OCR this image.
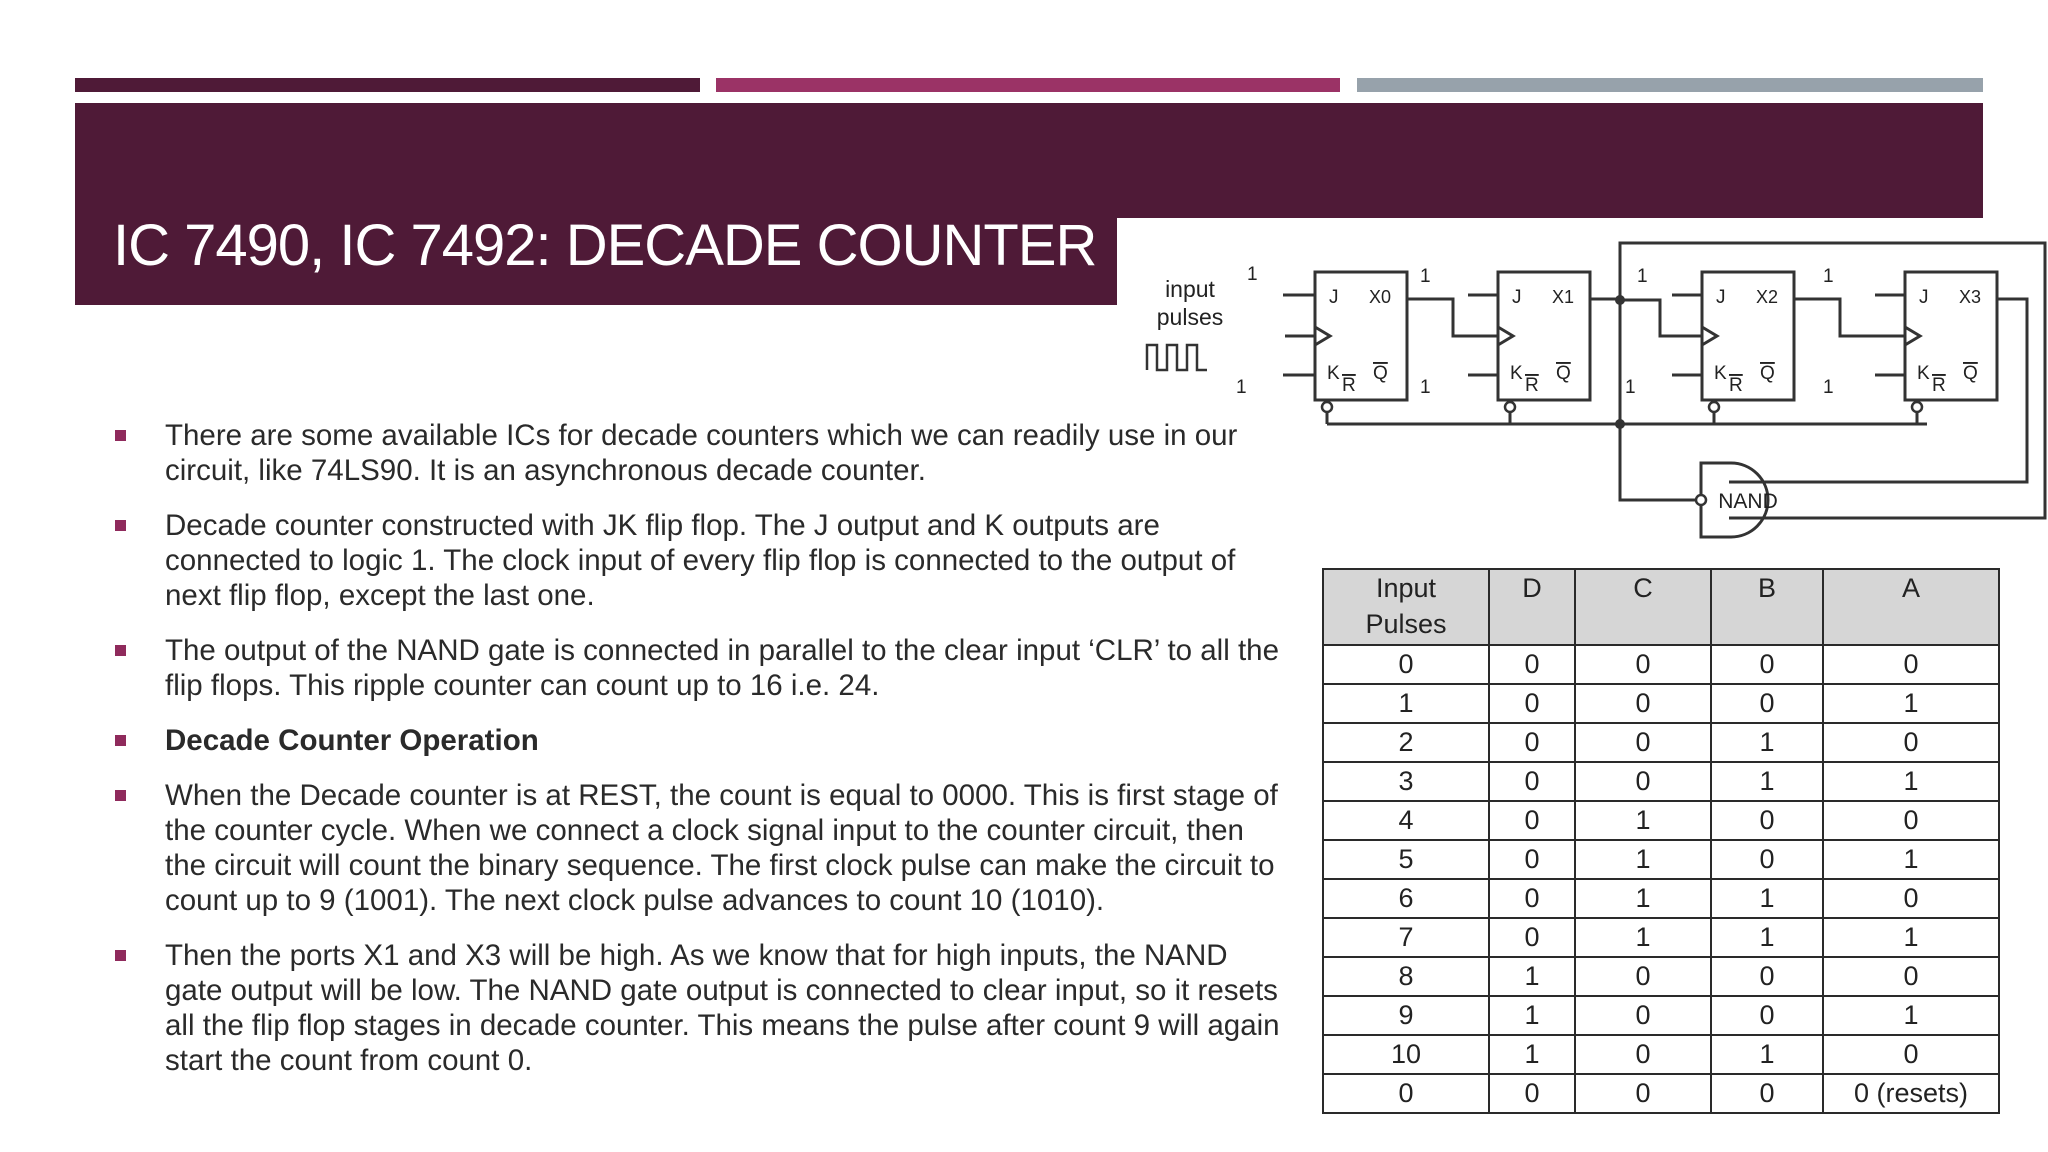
IC 7490, IC 7492: DECADE COUNTER
input
pulses
NAND
1
1
1
1
1
1
1
1
J X0
K
R
Q
J X1
K
R
Q
J X2
K
R
Q
J X3
K
R
Q
There are some available ICs for decade counters which we can readily use in our circuit, like 74LS90. It is an asynchronous decade counter.
Decade counter constructed with JK flip flop. The J output and K outputs are connected to logic 1. The clock input of every flip flop is connected to the output of next flip flop, except the last one.
The output of the NAND gate is connected in parallel to the clear input ‘CLR’ to all the flip flops. This ripple counter can count up to 16 i.e. 24.
Decade Counter Operation
When the Decade counter is at REST, the count is equal to 0000. This is first stage of the counter cycle. When we connect a clock signal input to the counter circuit, then the circuit will count the binary sequence. The first clock pulse can make the circuit to count up to 9 (1001). The next clock pulse advances to count 10 (1010).
Then the ports X1 and X3 will be high. As we know that for high inputs, the NAND gate output will be low. The NAND gate output is connected to clear input, so it resets all the flip flop stages in decade counter. This means the pulse after count 9 will again start the count from count 0.
Input
Pulses	D	C	B	A
0	0	0	0	0
1	0	0	0	1
2	0	0	1	0
3	0	0	1	1
4	0	1	0	0
5	0	1	0	1
6	0	1	1	0
7	0	1	1	1
8	1	0	0	0
9	1	0	0	1
10	1	0	1	0
0	0	0	0	0 (resets)
